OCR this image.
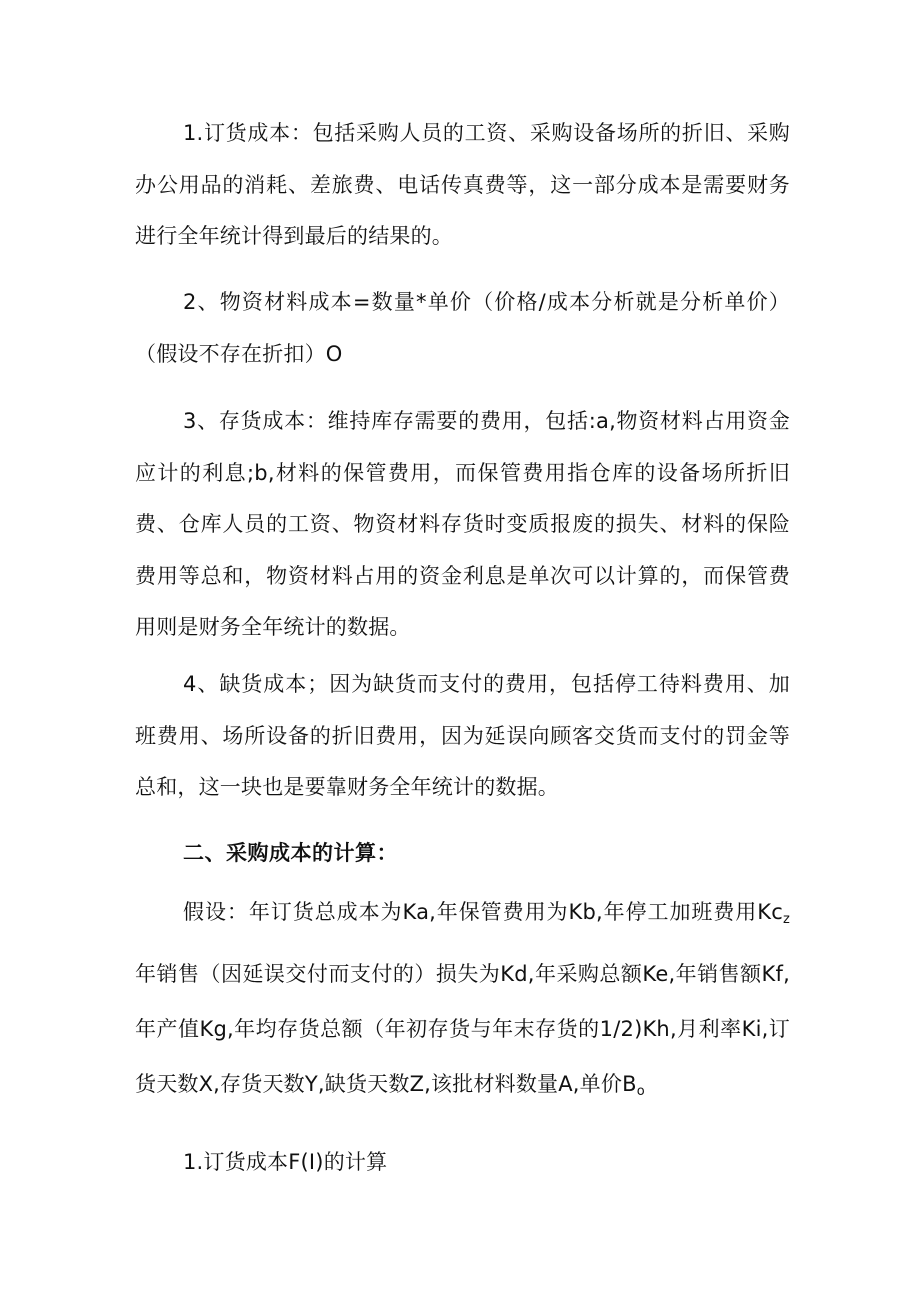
1.订货成本：包括采购人员的工资、采购设备场所的折旧、采购办公用品的消耗、差旅费、电话传真费等，这一部分成本是需要财务进行全年统计得到最后的结果的。

2、物资材料成本=数量*单价（价格/成本分析就是分析单价）（假设不存在折扣）O

3、存货成本：维持库存需要的费用，包括:a,物资材料占用资金应计的利息;b,材料的保管费用，而保管费用指仓库的设备场所折旧费、仓库人员的工资、物资材料存货时变质报废的损失、材料的保险费用等总和，物资材料占用的资金利息是单次可以计算的，而保管费用则是财务全年统计的数据。

4、缺货成本；因为缺货而支付的费用，包括停工待料费用、加班费用、场所设备的折旧费用，因为延误向顾客交货而支付的罚金等总和，这一块也是要靠财务全年统计的数据。

二、采购成本的计算：

假设：年订货总成本为Ka,年保管费用为Kb,年停工加班费用$Kc_z$年销售（因延误交付而支付的）损失为Kd,年采购总额Ke,年销售额Kf,年产值Kg,年均存货总额（年初存货与年末存货的1/2)Kh,月利率Ki,订货天数X,存货天数Y,缺货天数Z,该批材料数量A,单价$B_o$

1.订货成本F(I)的计算
